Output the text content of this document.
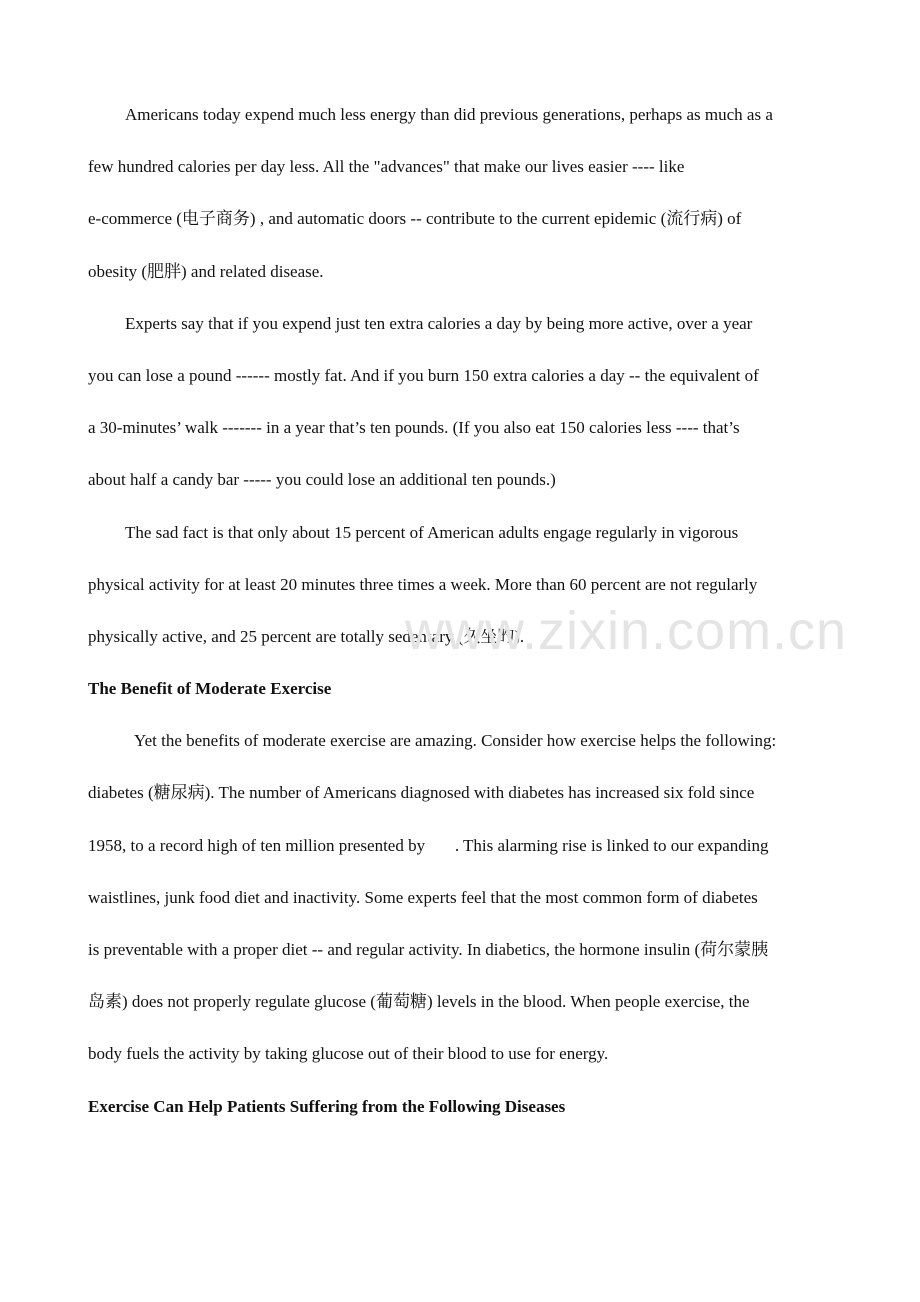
Americans today expend much less energy than did previous generations, perhaps as much as a
few hundred calories per day less. All the "advances" that make our lives easier ---- like
e-commerce (电子商务) , and automatic doors -- contribute to the current epidemic (流行病) of
obesity (肥胖) and related disease.
Experts say that if you expend just ten extra calories a day by being more active, over a year
you can lose a pound ------ mostly fat. And if you burn 150 extra calories a day -- the equivalent of
a 30-minutes’ walk ------- in a year that’s ten pounds. (If you also eat 150 calories less ---- that’s
about half a candy bar ----- you could lose an additional ten pounds.)
The sad fact is that only about 15 percent of American adults engage regularly in vigorous
physical activity for at least 20 minutes three times a week. More than 60 percent are not regularly
physically active, and 25 percent are totally sedentary (久坐旳).
The Benefit of Moderate Exercise
Yet the benefits of moderate exercise are amazing. Consider how exercise helps the following:
diabetes (糖尿病). The number of Americans diagnosed with diabetes has increased six fold since
1958, to a record high of ten million presented by       . This alarming rise is linked to our expanding
waistlines, junk food diet and inactivity. Some experts feel that the most common form of diabetes
is preventable with a proper diet -- and regular activity. In diabetics, the hormone insulin (荷尔蒙胰
岛素) does not properly regulate glucose (葡萄糖) levels in the blood. When people exercise, the
body fuels the activity by taking glucose out of their blood to use for energy.
Exercise Can Help Patients Suffering from the Following Diseases
www.zixin.com.cn
